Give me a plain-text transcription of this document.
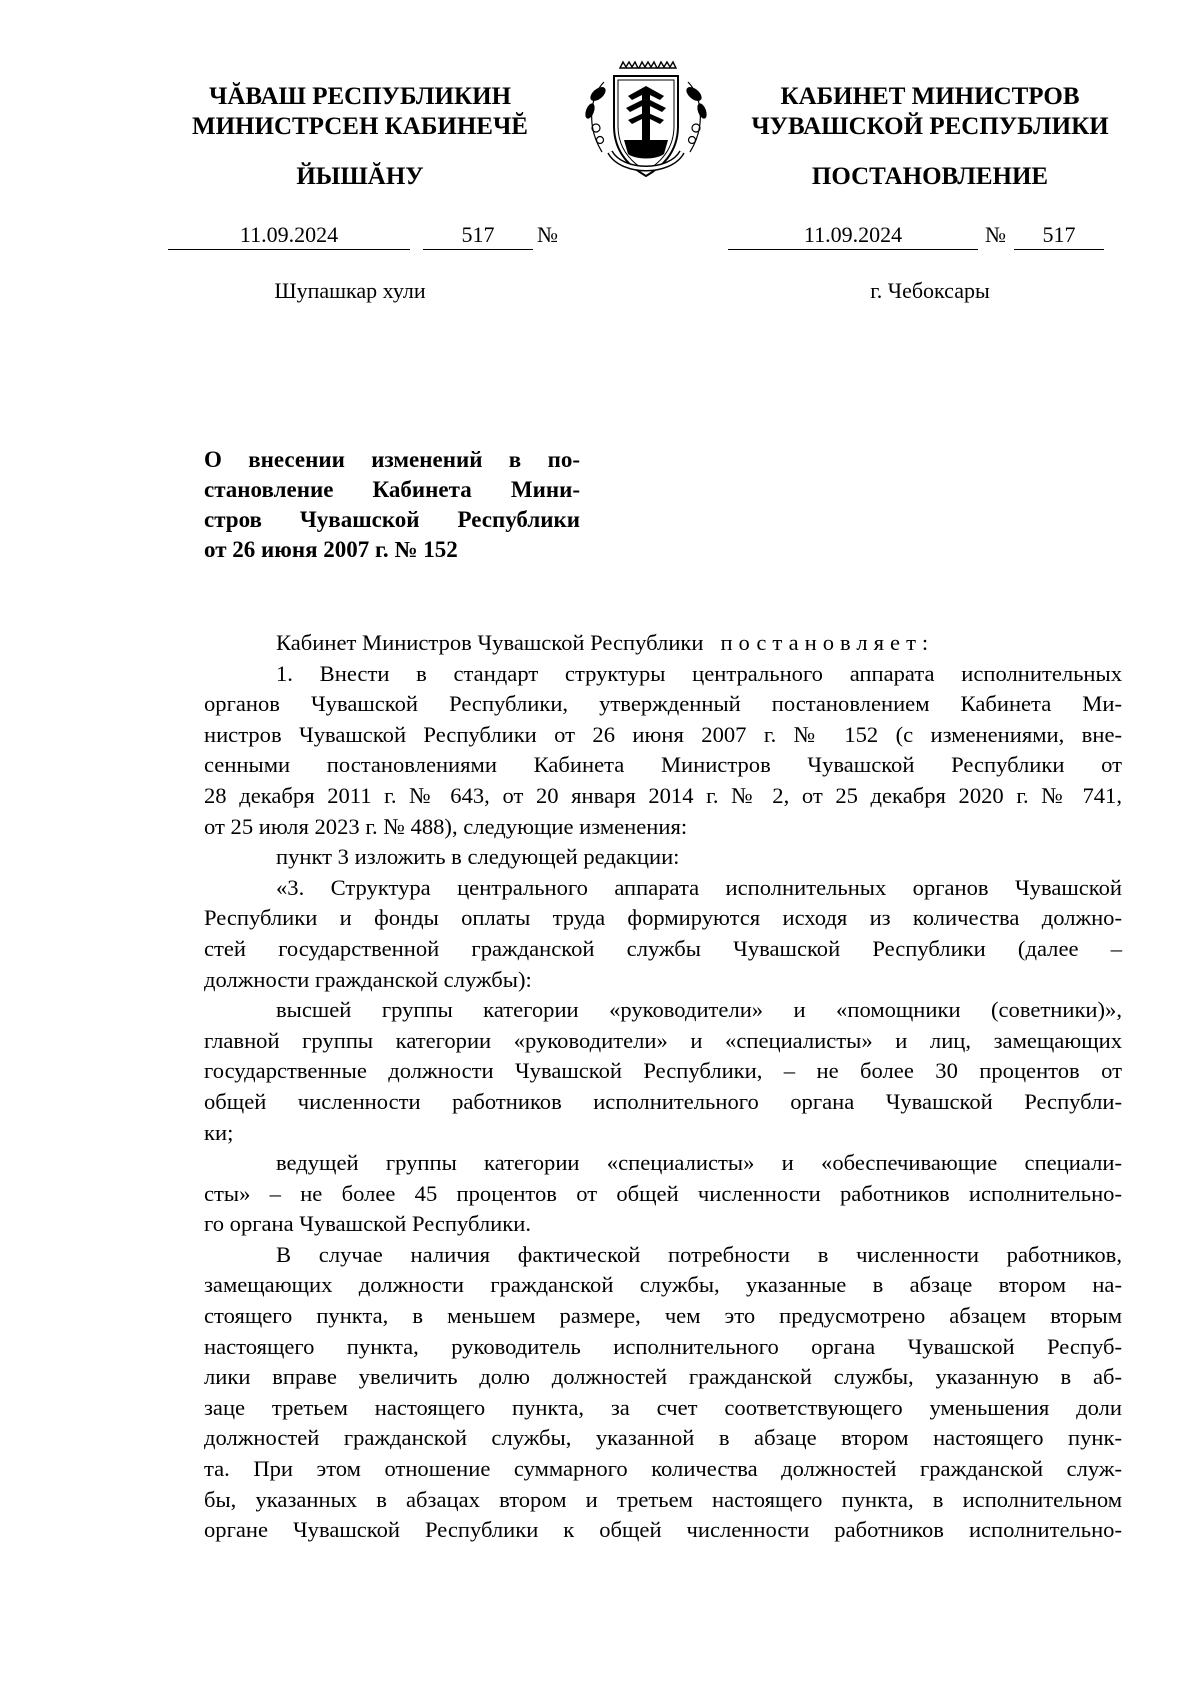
ЧĂВАШ РЕСПУБЛИКИН
МИНИСТРСЕН КАБИНЕЧĔ
ЙЫШĂНУ
КАБИНЕТ МИНИСТРОВ
ЧУВАШСКОЙ РЕСПУБЛИКИ
ПОСТАНОВЛЕНИЕ
11.09.2024	517	№	11.09.2024	№	517
Шупашкар хули	г. Чебоксары
О внесении изменений в по-
становление Кабинета Мини-
стров Чувашской Республики
от 26 июня 2007 г. № 152
Кабинет Министров Чувашской Республики постановляет:
1. Внести в стандарт структуры центрального аппарата исполнительных
органов Чувашской Республики, утвержденный постановлением Кабинета Ми-
нистров Чувашской Республики от 26 июня 2007 г. № 152 (с изменениями, вне-
сенными постановлениями Кабинета Министров Чувашской Республики от
28 декабря 2011 г. № 643, от 20 января 2014 г. № 2, от 25 декабря 2020 г. № 741,
от 25 июля 2023 г. № 488), следующие изменения:
пункт 3 изложить в следующей редакции:
«3. Структура центрального аппарата исполнительных органов Чувашской
Республики и фонды оплаты труда формируются исходя из количества должно-
стей государственной гражданской службы Чувашской Республики (далее –
должности гражданской службы):
высшей группы категории «руководители» и «помощники (советники)»,
главной группы категории «руководители» и «специалисты» и лиц, замещающих
государственные должности Чувашской Республики, – не более 30 процентов от
общей численности работников исполнительного органа Чувашской Республи-
ки;
ведущей группы категории «специалисты» и «обеспечивающие специали-
сты» – не более 45 процентов от общей численности работников исполнительно-
го органа Чувашской Республики.
В случае наличия фактической потребности в численности работников,
замещающих должности гражданской службы, указанные в абзаце втором на-
стоящего пункта, в меньшем размере, чем это предусмотрено абзацем вторым
настоящего пункта, руководитель исполнительного органа Чувашской Респуб-
лики вправе увеличить долю должностей гражданской службы, указанную в аб-
заце третьем настоящего пункта, за счет соответствующего уменьшения доли
должностей гражданской службы, указанной в абзаце втором настоящего пунк-
та. При этом отношение суммарного количества должностей гражданской служ-
бы, указанных в абзацах втором и третьем настоящего пункта, в исполнительном
органе Чувашской Республики к общей численности работников исполнительно-
